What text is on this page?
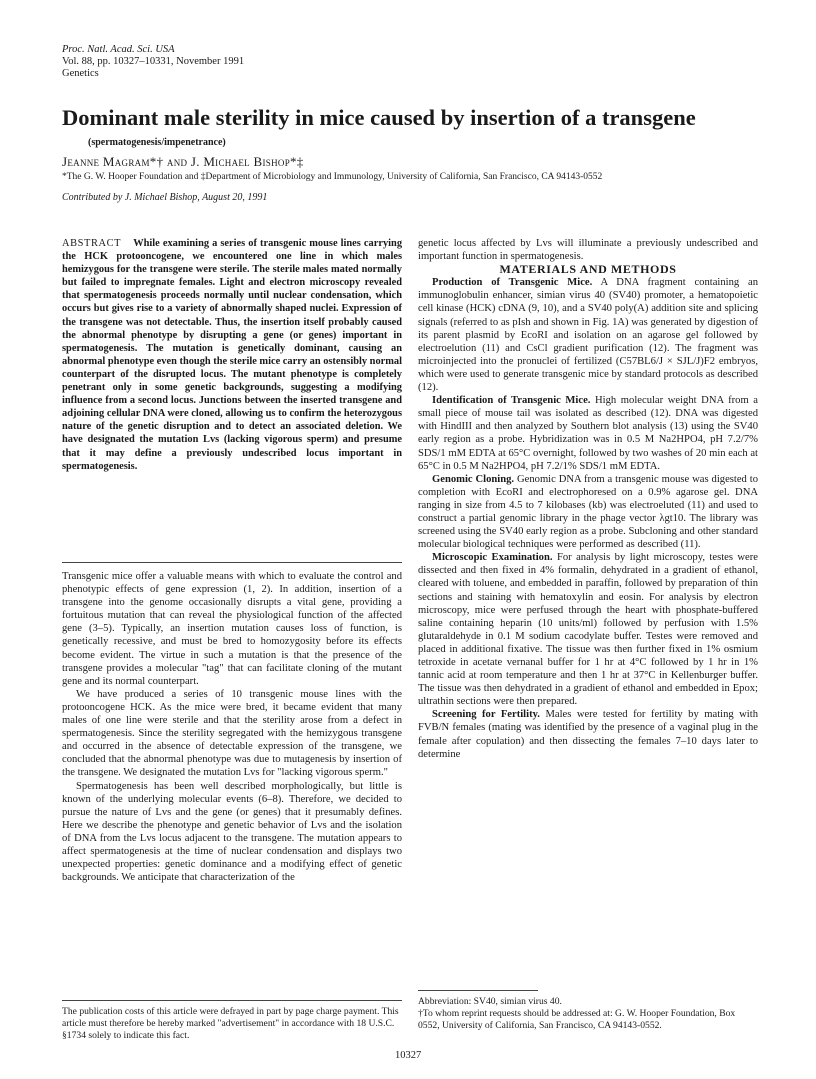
Proc. Natl. Acad. Sci. USA
Vol. 88, pp. 10327–10331, November 1991
Genetics
Dominant male sterility in mice caused by insertion of a transgene
(spermatogenesis/impenetrance)
Jeanne Magram*† and J. Michael Bishop*‡
*The G. W. Hooper Foundation and ‡Department of Microbiology and Immunology, University of California, San Francisco, CA 94143-0552
Contributed by J. Michael Bishop, August 20, 1991
ABSTRACT While examining a series of transgenic mouse lines carrying the HCK protooncogene, we encountered one line in which males hemizygous for the transgene were sterile. The sterile males mated normally but failed to impregnate females. Light and electron microscopy revealed that spermatogenesis proceeds normally until nuclear condensation, which occurs but gives rise to a variety of abnormally shaped nuclei. Expression of the transgene was not detectable. Thus, the insertion itself probably caused the abnormal phenotype by disrupting a gene (or genes) important in spermatogenesis. The mutation is genetically dominant, causing an abnormal phenotype even though the sterile mice carry an ostensibly normal counterpart of the disrupted locus. The mutant phenotype is completely penetrant only in some genetic backgrounds, suggesting a modifying influence from a second locus. Junctions between the inserted transgene and adjoining cellular DNA were cloned, allowing us to confirm the heterozygous nature of the genetic disruption and to detect an associated deletion. We have designated the mutation Lvs (lacking vigorous sperm) and presume that it may define a previously undescribed locus important in spermatogenesis.

Transgenic mice offer a valuable means with which to evaluate the control and phenotypic effects of gene expression (1, 2). In addition, insertion of a transgene into the genome occasionally disrupts a vital gene, providing a fortuitous mutation that can reveal the physiological function of the affected gene (3–5). Typically, an insertion mutation causes loss of function, is genetically recessive, and must be bred to homozygosity before its effects become evident. The virtue in such a mutation is that the presence of the transgene provides a molecular "tag" that can facilitate cloning of the mutant gene and its normal counterpart.

We have produced a series of 10 transgenic mouse lines with the protooncogene HCK. As the mice were bred, it became evident that many males of one line were sterile and that the sterility arose from a defect in spermatogenesis. Since the sterility segregated with the hemizygous transgene and occurred in the absence of detectable expression of the transgene, we concluded that the abnormal phenotype was due to mutagenesis by insertion of the transgene. We designated the mutation Lvs for "lacking vigorous sperm."

Spermatogenesis has been well described morphologically, but little is known of the underlying molecular events (6–8). Therefore, we decided to pursue the nature of Lvs and the gene (or genes) that it presumably defines. Here we describe the phenotype and genetic behavior of Lvs and the isolation of DNA from the Lvs locus adjacent to the transgene. The mutation appears to affect spermatogenesis at the time of nuclear condensation and displays two unexpected properties: genetic dominance and a modifying effect of genetic backgrounds. We anticipate that characterization of the

genetic locus affected by Lvs will illuminate a previously undescribed and important function in spermatogenesis.

MATERIALS AND METHODS

Production of Transgenic Mice. A DNA fragment containing an immunoglobulin enhancer, simian virus 40 (SV40) promoter, a hematopoietic cell kinase (HCK) cDNA (9, 10), and a SV40 poly(A) addition site and splicing signals (referred to as pIsh and shown in Fig. 1A) was generated by digestion of its parent plasmid by EcoRI and isolation on an agarose gel followed by electroelution (11) and CsCl gradient purification (12). The fragment was microinjected into the pronuclei of fertilized (C57BL6/J × SJL/J)F2 embryos, which were used to generate transgenic mice by standard protocols as described (12).

Identification of Transgenic Mice. High molecular weight DNA from a small piece of mouse tail was isolated as described (12). DNA was digested with HindIII and then analyzed by Southern blot analysis (13) using the SV40 early region as a probe. Hybridization was in 0.5 M Na2HPO4, pH 7.2/7% SDS/1 mM EDTA at 65°C overnight, followed by two washes of 20 min each at 65°C in 0.5 M Na2HPO4, pH 7.2/1% SDS/1 mM EDTA.

Genomic Cloning. Genomic DNA from a transgenic mouse was digested to completion with EcoRI and electrophoresed on a 0.9% agarose gel. DNA ranging in size from 4.5 to 7 kilobases (kb) was electroeluted (11) and used to construct a partial genomic library in the phage vector λgt10. The library was screened using the SV40 early region as a probe. Subcloning and other standard molecular biological techniques were performed as described (11).

Microscopic Examination. For analysis by light microscopy, testes were dissected and then fixed in 4% formalin, dehydrated in a gradient of ethanol, cleared with toluene, and embedded in paraffin, followed by preparation of thin sections and staining with hematoxylin and eosin. For analysis by electron microscopy, mice were perfused through the heart with phosphate-buffered saline containing heparin (10 units/ml) followed by perfusion with 1.5% glutaraldehyde in 0.1 M sodium cacodylate buffer. Testes were removed and placed in additional fixative. The tissue was then further fixed in 1% osmium tetroxide in acetate vernanal buffer for 1 hr at 4°C followed by 1 hr in 1% tannic acid at room temperature and then 1 hr at 37°C in Kellenburger buffer. The tissue was then dehydrated in a gradient of ethanol and embedded in Epox; ultrathin sections were then prepared.

Screening for Fertility. Males were tested for fertility by mating with FVB/N females (mating was identified by the presence of a vaginal plug in the female after copulation) and then dissecting the females 7–10 days later to determine

Abbreviation: SV40, simian virus 40.
†To whom reprint requests should be addressed at: G. W. Hooper Foundation, Box 0552, University of California, San Francisco, CA 94143-0552.
The publication costs of this article were defrayed in part by page charge payment. This article must therefore be hereby marked "advertisement" in accordance with 18 U.S.C. §1734 solely to indicate this fact.
10327
